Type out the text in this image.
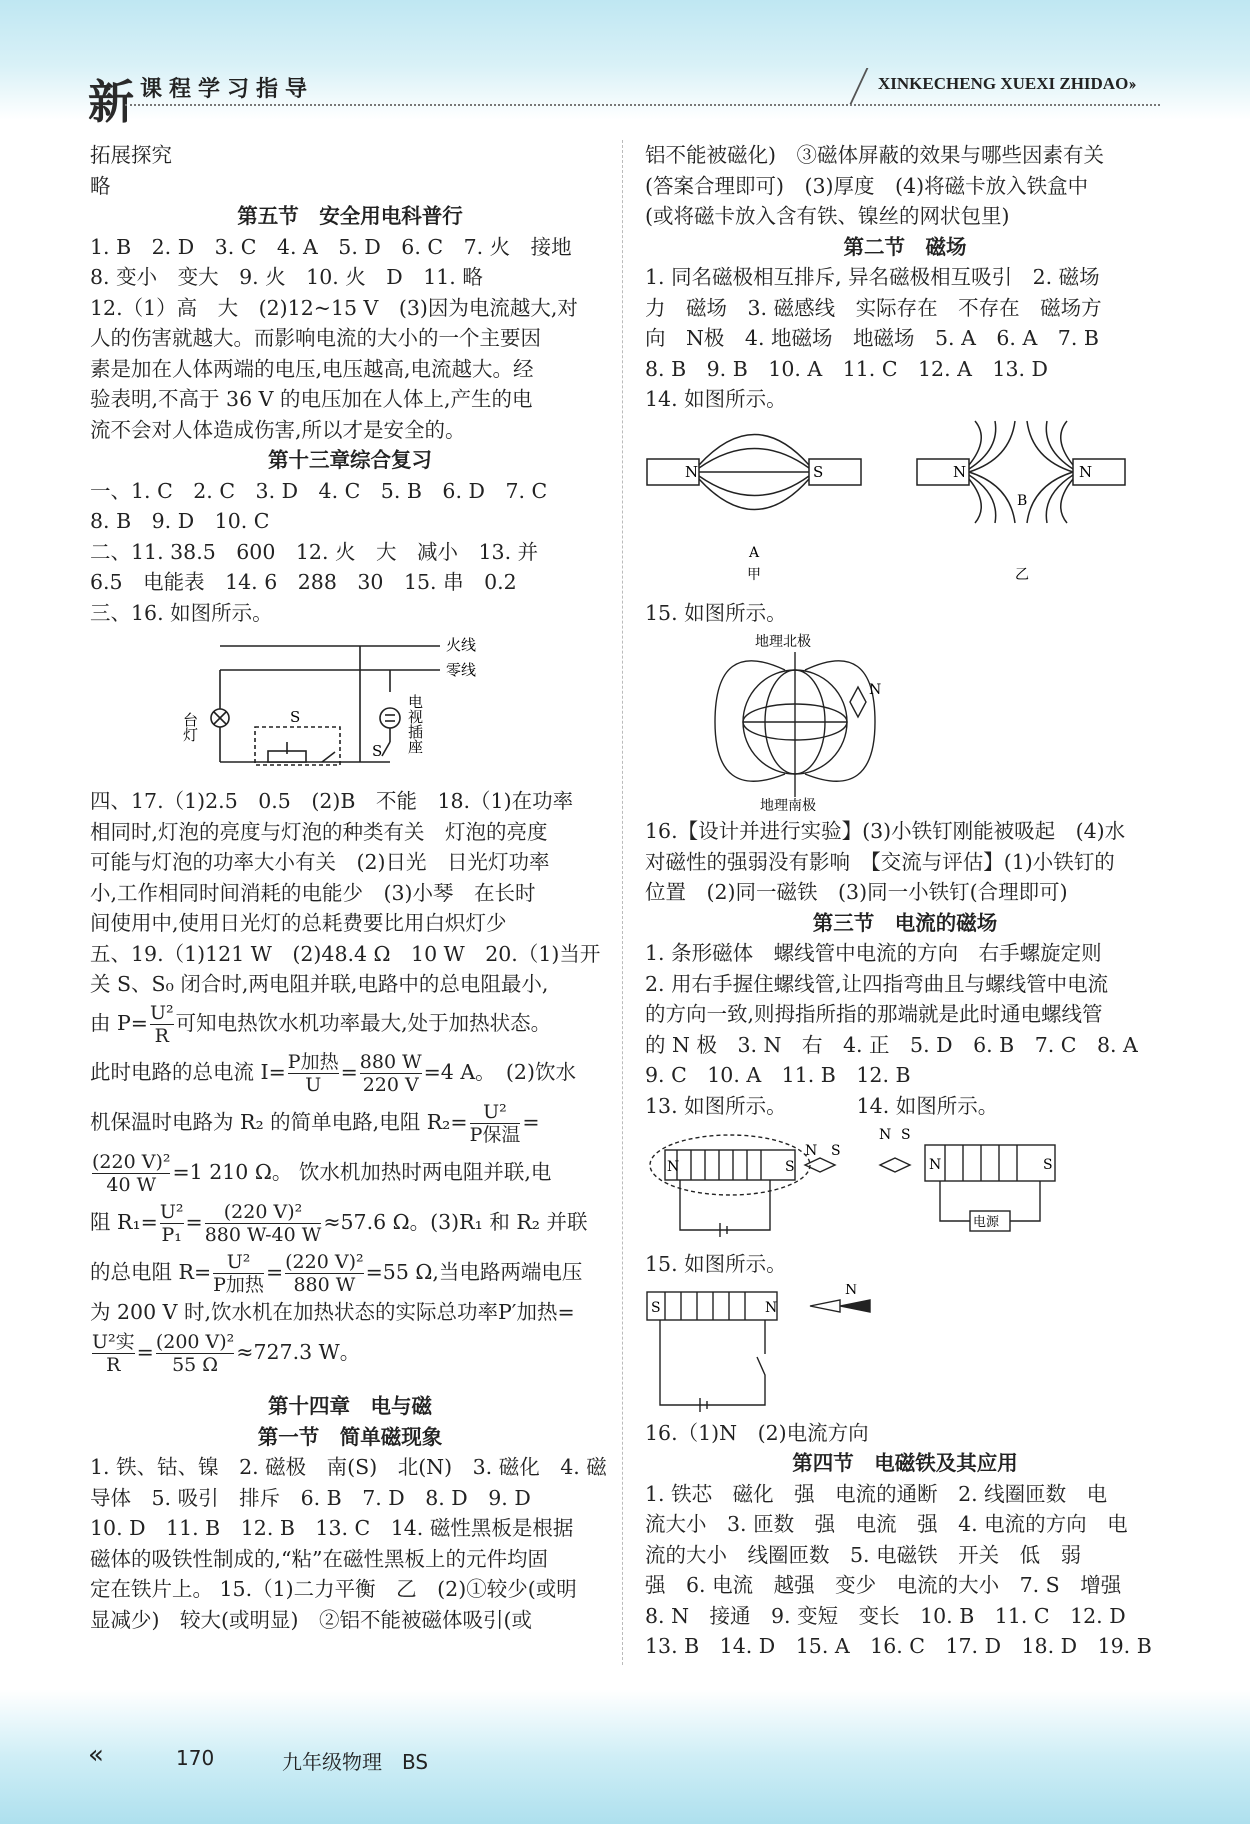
新 课程学习指导	XINKECHENG XUEXI ZHIDAO››

拓展探究

略

第五节　安全用电科普行

1. B　2. D　3. C　4. A　5. D　6. C　7. 火　接地

8. 变小　变大　9. 火　10. 火　D　11. 略

12.（1）高　大　(2)12~15 V　(3)因为电流越大,对

人的伤害就越大。而影响电流的大小的一个主要因

素是加在人体两端的电压,电压越高,电流越大。经

验表明,不高于 36 V 的电压加在人体上,产生的电

流不会对人体造成伤害,所以才是安全的。

第十三章综合复习

一、1. C　2. C　3. D　4. C　5. B　6. D　7. C

8. B　9. D　10. C

二、11. 38.5　600　12. 火　大　减小　13. 并

6.5　电能表　14. 6　288　30　15. 串　0.2

三、16. 如图所示。

火线
零线
台灯	电视插座
S
S

四、17.（1)2.5　0.5　(2)B　不能　18.（1)在功率

相同时,灯泡的亮度与灯泡的种类有关　灯泡的亮度

可能与灯泡的功率大小有关　(2)日光　日光灯功率

小,工作相同时间消耗的电能少　(3)小琴　在长时

间使用中,使用日光灯的总耗费要比用白炽灯少

五、19.（1)121 W　(2)48.4 Ω　10 W　20.（1)当开

关 S、S₀ 闭合时,两电阻并联,电路中的总电阻最小,

由 $P= \frac{\text{U²}}{R}$ 可知电热饮水机功率最大,处于加热状态。

此时电路的总电流 $I= \frac{\text{P加热}}{U} = \frac{880 W}{220 V} =4$ A。　(2)饮水

机保温时电路为 R₂ 的简单电路,电阻 $R_2= \frac{\text{U²}}{\text{P保温}}$ =

$\frac{\text{(220 V)²}}{40 W} =1$ 210 Ω。 饮水机加热时两电阻并联,电

阻 $R_1= \frac{\text{U²}}{\text{P₁}} = \frac{\text{(220 V)²}}{880 W-40 W} \approx 57.6$ Ω。(3)R₁ 和 R₂ 并联

的总电阻 $R= \frac{\text{U²}}{\text{P加热}} = \frac{\text{(220 V)²}}{880 W} =55$ Ω,当电路两端电压

为 200 V 时,饮水机在加热状态的实际总功率P′加热=

$\frac{\text{U²实}}{R} = \frac{\text{(200 V)²}}{55 \Omega} \approx 727.3$ W。

第十四章　电与磁

第一节　简单磁现象

1. 铁、钴、镍　2. 磁极　南(S)　北(N)　3. 磁化　4. 磁

导体　5. 吸引　排斥　6. B　7. D　8. D　9. D

10. D　11. B　12. B　13. C　14. 磁性黑板是根据

磁体的吸铁性制成的,“粘”在磁性黑板上的元件均固

定在铁片上。 15.（1)二力平衡　乙　(2)①较少(或明

显减少)　较大(或明显)　②铝不能被磁体吸引(或

铝不能被磁化)　③磁体屏蔽的效果与哪些因素有关

(答案合理即可)　(3)厚度　(4)将磁卡放入铁盒中

(或将磁卡放入含有铁、镍丝的网状包里)

第二节　磁场

1. 同名磁极相互排斥, 异名磁极相互吸引　2. 磁场

力　磁场　3. 磁感线　实际存在　不存在　磁场方

向　N极　4. 地磁场　地磁场　5. A　6. A　7. B

8. B　9. B　10. A　11. C　12. A　13. D

14. 如图所示。

N	S
A
甲
N	N
B
乙

15. 如图所示。

地理北极
地理南极
N

16.【设计并进行实验】(3)小铁钉刚能被吸起　(4)水

对磁性的强弱没有影响　【交流与评估】(1)小铁钉的

位置　(2)同一磁铁　(3)同一小铁钉(合理即可)

第三节　电流的磁场

1. 条形磁体　螺线管中电流的方向　右手螺旋定则

2. 用右手握住螺线管,让四指弯曲且与螺线管中电流

的方向一致,则拇指所指的那端就是此时通电螺线管

的 N 极　3. N　右　4. 正　5. D　6. B　7. C　8. A

9. C　10. A　11. B　12. B

13. 如图所示。	14. 如图所示。

N	S
N S
N S
N	S
电源

15. 如图所示。

S	N
N

16.（1)N　(2)电流方向

第四节　电磁铁及其应用

1. 铁芯　磁化　强　电流的通断　2. 线圈匝数　电

流大小　3. 匝数　强　电流　强　4. 电流的方向　电

流的大小　线圈匝数　5. 电磁铁　开关　低　弱

强　6. 电流　越强　变少　电流的大小　7. S　增强

8. N　接通　9. 变短　变长　10. B　11. C　12. D

13. B　14. D　15. A　16. C　17. D　18. D　19. B

«	170	九年级物理　BS
